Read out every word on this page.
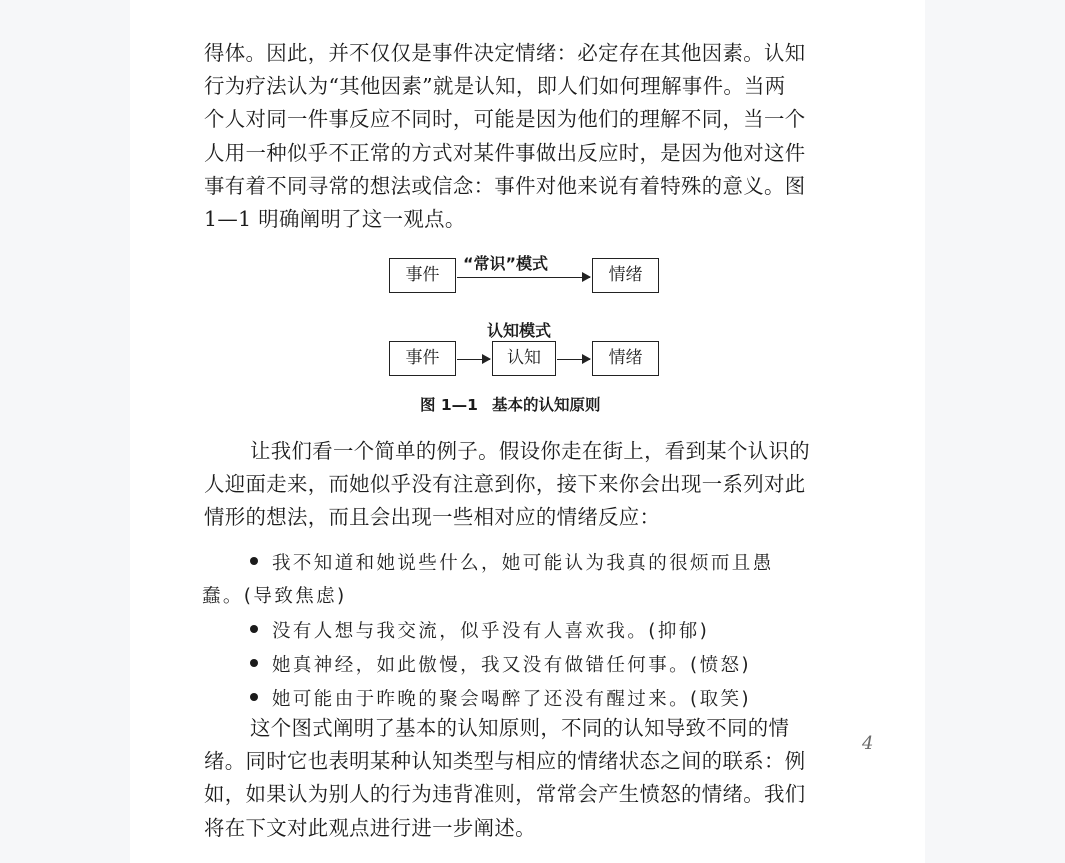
得体。因此，并不仅仅是事件决定情绪：必定存在其他因素。认知
行为疗法认为“其他因素”就是认知，即人们如何理解事件。当两
个人对同一件事反应不同时，可能是因为他们的理解不同，当一个
人用一种似乎不正常的方式对某件事做出反应时，是因为他对这件
事有着不同寻常的想法或信念：事件对他来说有着特殊的意义。图
1—1 明确阐明了这一观点。

“常识”模式
事件	情绪
认知模式
事件	认知	情绪
图 1—1 基本的认知原则

让我们看一个简单的例子。假设你走在街上，看到某个认识的
人迎面走来，而她似乎没有注意到你，接下来你会出现一系列对此
情形的想法，而且会出现一些相对应的情绪反应：

我不知道和她说些什么，她可能认为我真的很烦而且愚
蠢。(导致焦虑)
没有人想与我交流，似乎没有人喜欢我。(抑郁)
她真神经，如此傲慢，我又没有做错任何事。(愤怒)
她可能由于昨晚的聚会喝醉了还没有醒过来。(取笑)

这个图式阐明了基本的认知原则，不同的认知导致不同的情
绪。同时它也表明某种认知类型与相应的情绪状态之间的联系：例
如，如果认为别人的行为违背准则，常常会产生愤怒的情绪。我们
将在下文对此观点进行进一步阐述。

4
